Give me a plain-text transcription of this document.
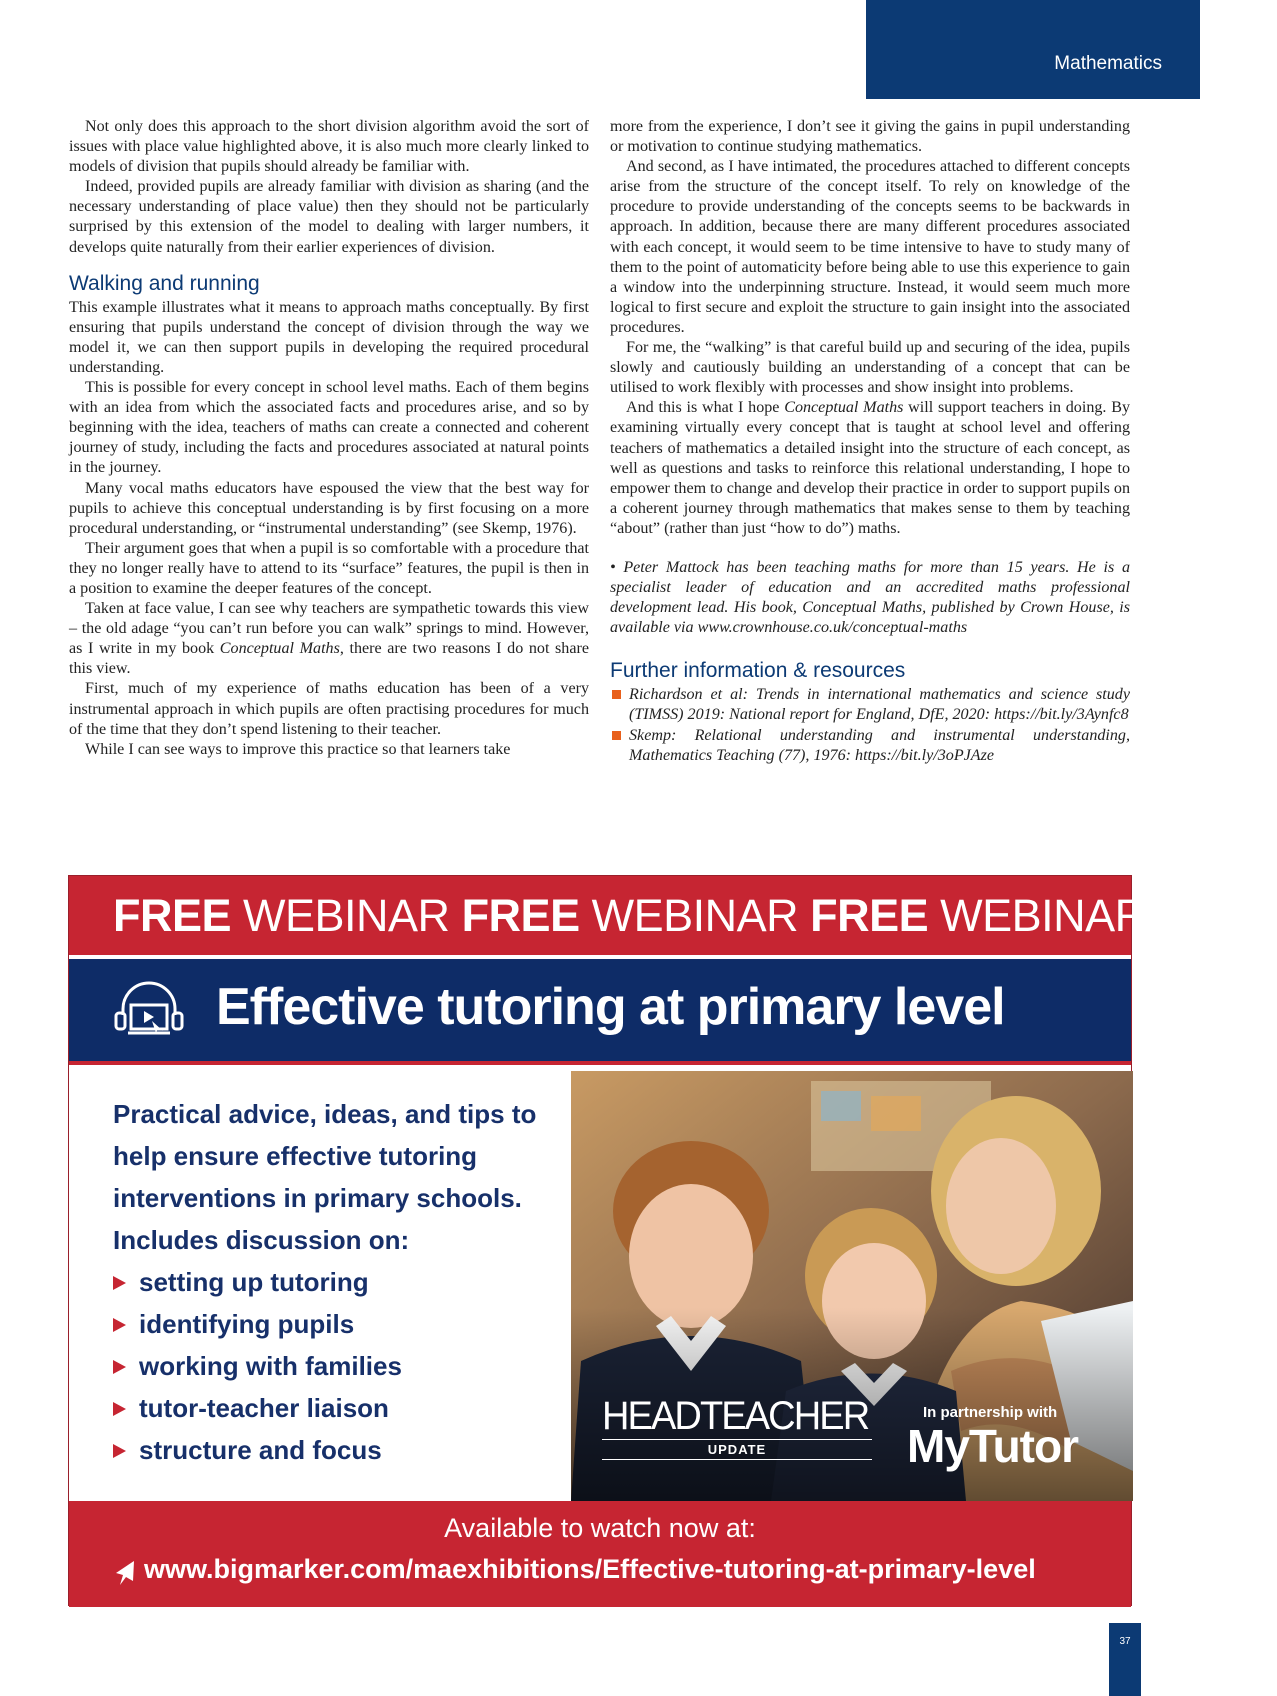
Mathematics

Not only does this approach to the short division algorithm avoid the sort of issues with place value highlighted above, it is also much more clearly linked to models of division that pupils should already be familiar with.

Indeed, provided pupils are already familiar with division as sharing (and the necessary understanding of place value) then they should not be particularly surprised by this extension of the model to dealing with larger numbers, it develops quite naturally from their earlier experiences of division.

Walking and running

This example illustrates what it means to approach maths conceptually. By first ensuring that pupils understand the concept of division through the way we model it, we can then support pupils in developing the required procedural understanding.

This is possible for every concept in school level maths. Each of them begins with an idea from which the associated facts and procedures arise, and so by beginning with the idea, teachers of maths can create a connected and coherent journey of study, including the facts and procedures associated at natural points in the journey.

Many vocal maths educators have espoused the view that the best way for pupils to achieve this conceptual understanding is by first focusing on a more procedural understanding, or “instrumental understanding” (see Skemp, 1976).

Their argument goes that when a pupil is so comfortable with a procedure that they no longer really have to attend to its “surface” features, the pupil is then in a position to examine the deeper features of the concept.

Taken at face value, I can see why teachers are sympathetic towards this view – the old adage “you can’t run before you can walk” springs to mind. However, as I write in my book Conceptual Maths, there are two reasons I do not share this view.

First, much of my experience of maths education has been of a very instrumental approach in which pupils are often practising procedures for much of the time that they don’t spend listening to their teacher.

While I can see ways to improve this practice so that learners take

more from the experience, I don’t see it giving the gains in pupil understanding or motivation to continue studying mathematics.

And second, as I have intimated, the procedures attached to different concepts arise from the structure of the concept itself. To rely on knowledge of the procedure to provide understanding of the concepts seems to be backwards in approach. In addition, because there are many different procedures associated with each concept, it would seem to be time intensive to have to study many of them to the point of automaticity before being able to use this experience to gain a window into the underpinning structure. Instead, it would seem much more logical to first secure and exploit the structure to gain insight into the associated procedures.

For me, the “walking” is that careful build up and securing of the idea, pupils slowly and cautiously building an understanding of a concept that can be utilised to work flexibly with processes and show insight into problems.

And this is what I hope Conceptual Maths will support teachers in doing. By examining virtually every concept that is taught at school level and offering teachers of mathematics a detailed insight into the structure of each concept, as well as questions and tasks to reinforce this relational understanding, I hope to empower them to change and develop their practice in order to support pupils on a coherent journey through mathematics that makes sense to them by teaching “about” (rather than just “how to do”) maths.

• Peter Mattock has been teaching maths for more than 15 years. He is a specialist leader of education and an accredited maths professional development lead. His book, Conceptual Maths, published by Crown House, is available via www.crownhouse.co.uk/conceptual-maths

Further information & resources
Richardson et al: Trends in international mathematics and science study (TIMSS) 2019: National report for England, DfE, 2020: https://bit.ly/3Aynfc8
Skemp: Relational understanding and instrumental understanding, Mathematics Teaching (77), 1976: https://bit.ly/3oPJAze
FREE WEBINAR FREE WEBINAR FREE WEBINAR FREE
Effective tutoring at primary level

Practical advice, ideas, and tips to help ensure effective tutoring interventions in primary schools. Includes discussion on:

setting up tutoring
identifying pupils
working with families
tutor-teacher liaison
structure and focus
HEADTEACHER
UPDATE
In partnership with
MyTutor
Available to watch now at:
www.bigmarker.com/maexhibitions/Effective-tutoring-at-primary-level
37
